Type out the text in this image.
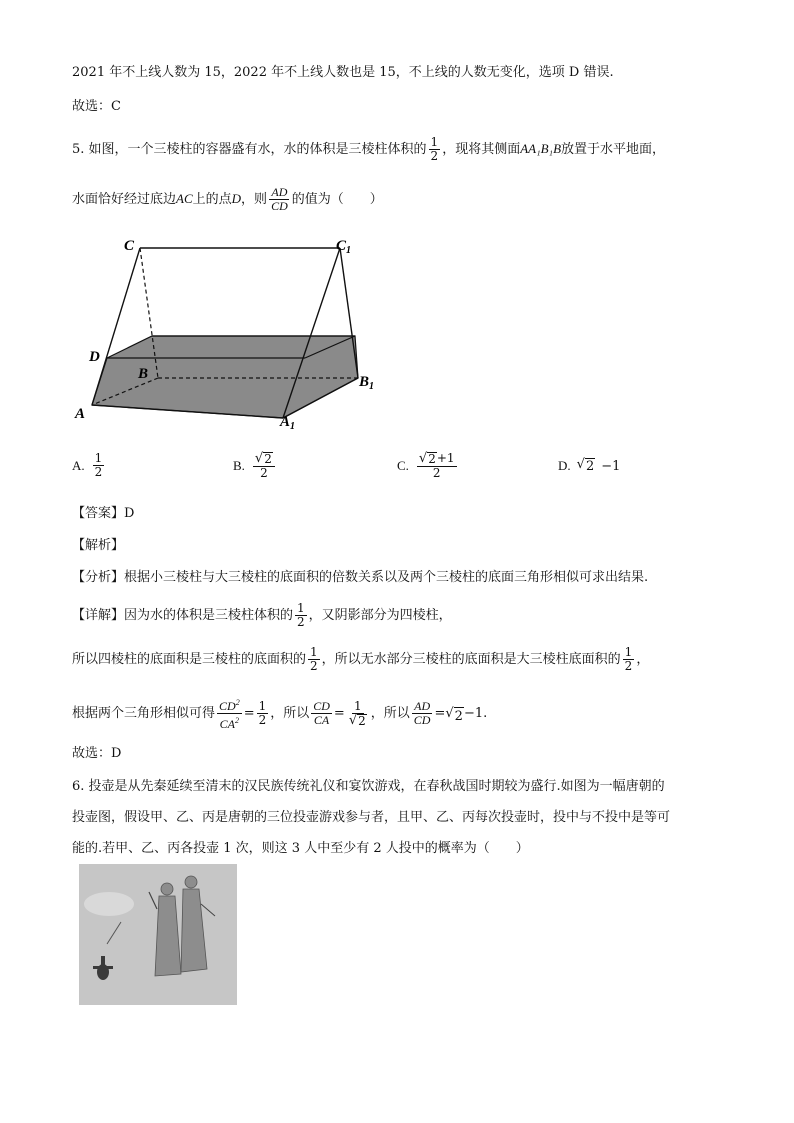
2021 年不上线人数为 15，2022 年不上线人数也是 15，不上线的人数无变化，选项 D 错误.
故选：C
5. 如图，一个三棱柱的容器盛有水，水的体积是三棱柱体积的 $\frac{1}{2}$ ，现将其侧面AA₁B₁B放置于水平地面，
水面恰好经过底边AC上的点D，则 $\frac{AD}{CD}$ 的值为（　　）
C	$C_1$
D
B	$B_1$
A	$A_1$
A. $\frac{1}{2}$	B. $\frac{√ 2}{2}$	C. $\frac{√ 2 +1}{2}$	D. √ 2 −1
【答案】D
【解析】
【分析】根据小三棱柱与大三棱柱的底面积的倍数关系以及两个三棱柱的底面三角形相似可求出结果.
【详解】因为水的体积是三棱柱体积的 $\frac{1}{2}$ ，又阴影部分为四棱柱，
所以四棱柱的底面积是三棱柱的底面积的 $\frac{1}{2}$ ，所以无水部分三棱柱的底面积是大三棱柱底面积的 $\frac{1}{2}$ ，
根据两个三角形相似可得 $\frac{CD^2}{CA^2} = \frac{1}{2}$ ，所以 $\frac{CD}{CA} = \frac{1}{√ 2}$ ，所以 $\frac{AD}{CD}$ = √ 2 −1.
故选：D
6. 投壶是从先秦延续至清末的汉民族传统礼仪和宴饮游戏，在春秋战国时期较为盛行.如图为一幅唐朝的
投壶图，假设甲、乙、丙是唐朝的三位投壶游戏参与者，且甲、乙、丙每次投壶时，投中与不投中是等可
能的.若甲、乙、丙各投壶 1 次，则这 3 人中至少有 2 人投中的概率为（　　）
